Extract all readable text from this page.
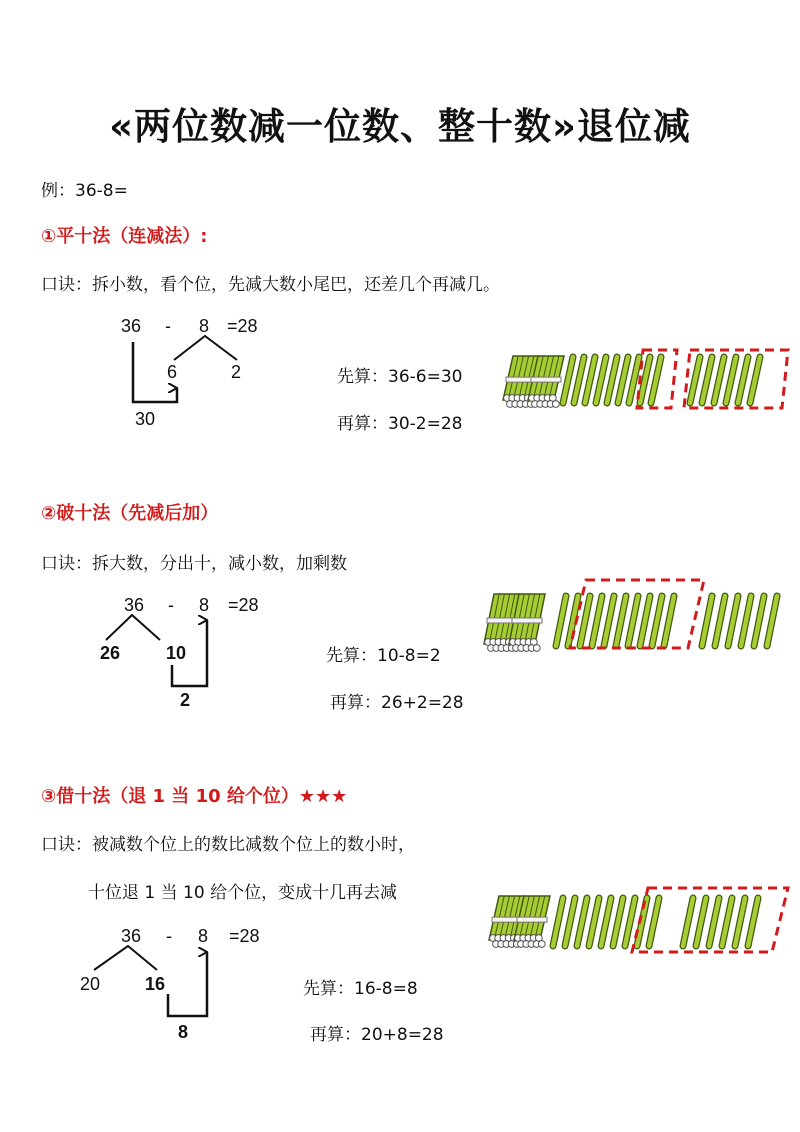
«两位数减一位数、整十数»退位减
例：36-8=
①平十法（连减法）:
口诀：拆小数，看个位，先减大数小尾巴，还差几个再减几。
36 - 8 =28
6	2
30
先算：36-6=30
再算：30-2=28
②破十法（先减后加）
口诀：拆大数，分出十，减小数，加剩数
36 - 8 =28
26	10
2
先算：10-8=2
再算：26+2=28
③借十法（退 1 当 10 给个位）★★★
口诀：被减数个位上的数比减数个位上的数小时，
十位退 1 当 10 给个位，变成十几再去减
36 - 8 =28
20 16
8
先算：16-8=8
再算：20+8=28
